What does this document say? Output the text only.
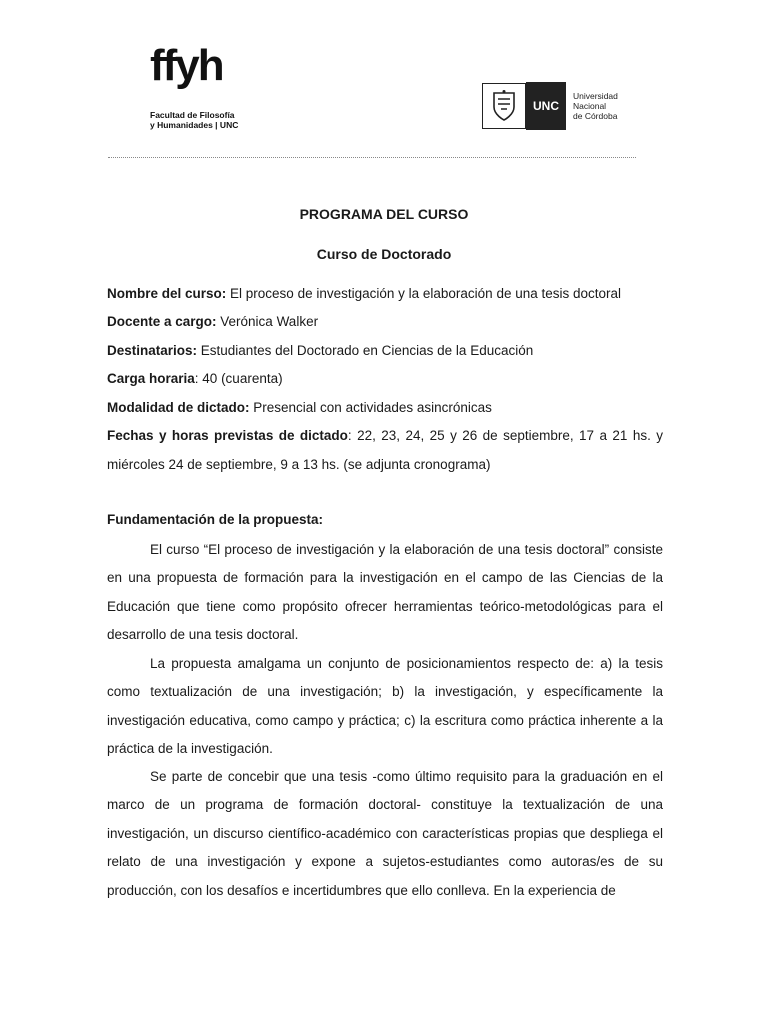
ffyh
Facultad de Filosofía
y Humanidades | UNC
UNC
Universidad
Nacional
de Córdoba
PROGRAMA DEL CURSO
Curso de Doctorado
Nombre del curso: El proceso de investigación y la elaboración de una tesis doctoral
Docente a cargo: Verónica Walker
Destinatarios: Estudiantes del Doctorado en Ciencias de la Educación
Carga horaria: 40 (cuarenta)
Modalidad de dictado: Presencial con actividades asincrónicas
Fechas y horas previstas de dictado: 22, 23, 24, 25 y 26 de septiembre, 17 a 21 hs. y
miércoles 24 de septiembre, 9 a 13 hs. (se adjunta cronograma)
Fundamentación de la propuesta:
El curso “El proceso de investigación y la elaboración de una tesis doctoral” consiste en una propuesta de formación para la investigación en el campo de las Ciencias de la Educación que tiene como propósito ofrecer herramientas teórico-metodológicas para el desarrollo de una tesis doctoral.
La propuesta amalgama un conjunto de posicionamientos respecto de: a) la tesis como textualización de una investigación; b) la investigación, y específicamente la investigación educativa, como campo y práctica; c) la escritura como práctica inherente a la práctica de la investigación.
Se parte de concebir que una tesis -como último requisito para la graduación en el marco de un programa de formación doctoral- constituye la textualización de una investigación, un discurso científico-académico con características propias que despliega el relato de una investigación y expone a sujetos-estudiantes como autoras/es de su producción, con los desafíos e incertidumbres que ello conlleva. En la experiencia de
